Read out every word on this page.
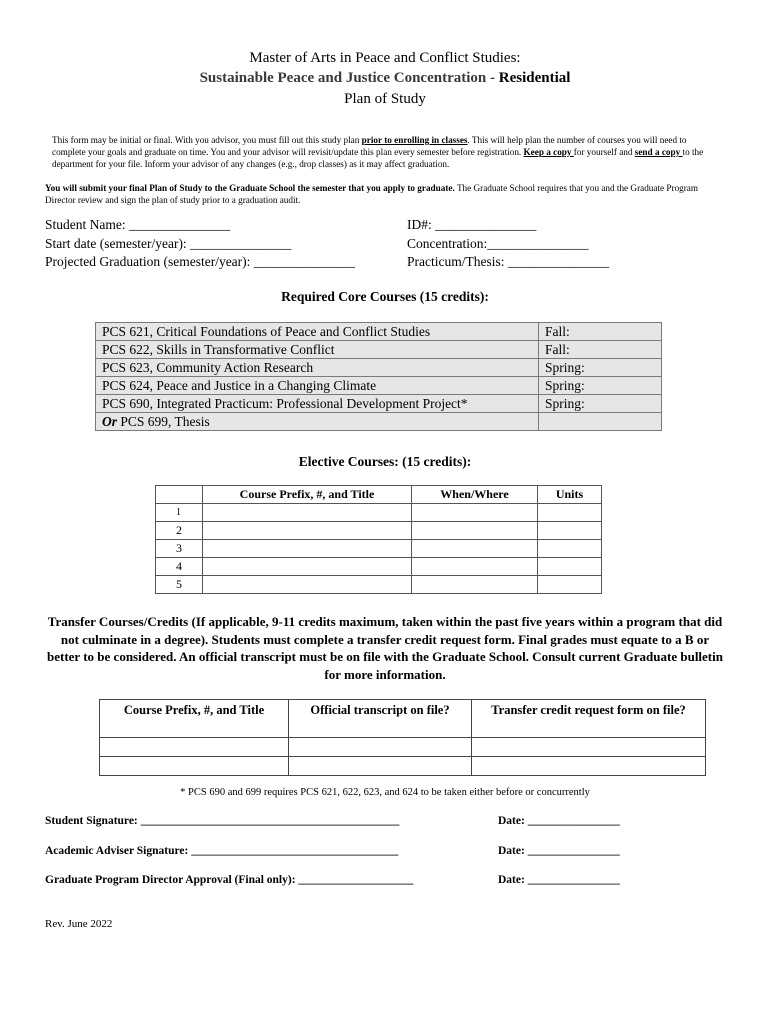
Master of Arts in Peace and Conflict Studies:
Sustainable Peace and Justice Concentration - Residential
Plan of Study
This form may be initial or final. With you advisor, you must fill out this study plan prior to enrolling in classes. This will help plan the number of courses you will need to complete your goals and graduate on time. You and your advisor will revisit/update this plan every semester before registration. Keep a copy for yourself and send a copy to the department for your file. Inform your advisor of any changes (e.g., drop classes) as it may affect graduation.
You will submit your final Plan of Study to the Graduate School the semester that you apply to graduate. The Graduate School requires that you and the Graduate Program Director review and sign the plan of study prior to a graduation audit.
Student Name: _______________
Start date (semester/year): _______________
Projected Graduation (semester/year): _______________
ID#: _______________
Concentration:_______________
Practicum/Thesis: _______________
Required Core Courses (15 credits):
PCS 621, Critical Foundations of Peace and Conflict Studies	Fall:
PCS 622, Skills in Transformative Conflict	Fall:
PCS 623, Community Action Research	Spring:
PCS 624, Peace and Justice in a Changing Climate	Spring:
PCS 690, Integrated Practicum: Professional Development Project*	Spring:
Or PCS 699, Thesis	
Elective Courses: (15 credits):
	Course Prefix, #, and Title	When/Where	Units
1			
2			
3			
4			
5			
Transfer Courses/Credits (If applicable, 9-11 credits maximum, taken within the past five years within a program that did not culminate in a degree). Students must complete a transfer credit request form. Final grades must equate to a B or better to be considered. An official transcript must be on file with the Graduate School. Consult current Graduate bulletin for more information.
Course Prefix, #, and Title	Official transcript on file?	Transfer credit request form on file?

* PCS 690 and 699 requires PCS 621, 622, 623, and 624 to be taken either before or concurrently
Student Signature: _____________________________________________	Date: ________________
Academic Adviser Signature: ____________________________________	Date: ________________
Graduate Program Director Approval (Final only): ____________________	Date: ________________
Rev. June 2022
